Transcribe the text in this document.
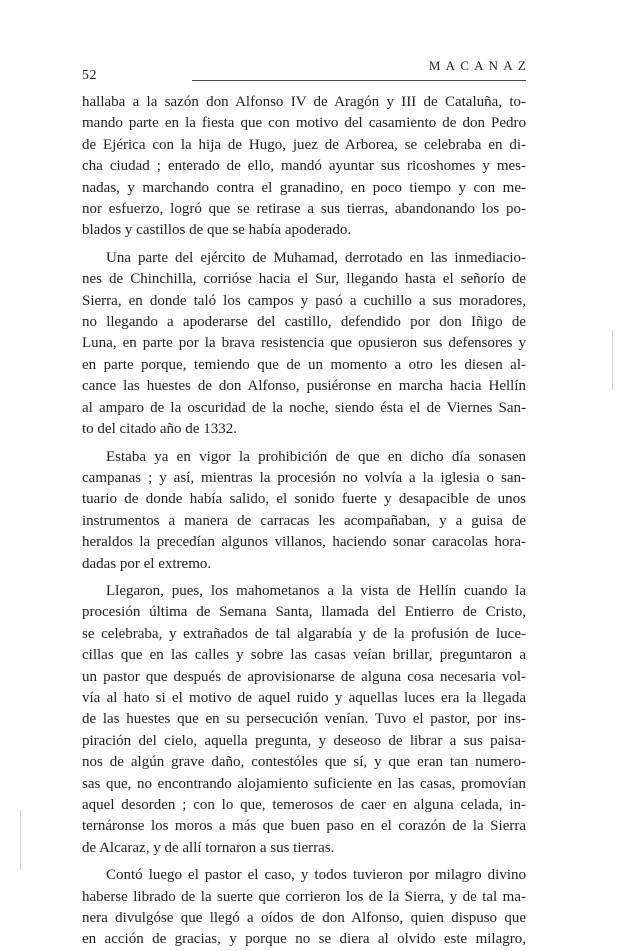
52
MACANAZ
hallaba a la sazón don Alfonso IV de Aragón y III de Cataluña, to-
mando parte en la fiesta que con motivo del casamiento de don Pedro
de Ejérica con la hija de Hugo, juez de Arborea, se celebraba en di-
cha ciudad ; enterado de ello, mandó ayuntar sus ricoshomes y mes-
nadas, y marchando contra el granadino, en poco tiempo y con me-
nor esfuerzo, logró que se retirase a sus tierras, abandonando los po-
blados y castillos de que se había apoderado.
Una parte del ejército de Muhamad, derrotado en las inmediacio-
nes de Chinchilla, corrióse hacia el Sur, llegando hasta el señorío de
Sierra, en donde taló los campos y pasó a cuchillo a sus moradores,
no llegando a apoderarse del castillo, defendido por don Iñigo de
Luna, en parte por la brava resistencia que opusieron sus defensores y
en parte porque, temiendo que de un momento a otro les diesen al-
cance las huestes de don Alfonso, pusiéronse en marcha hacia Hellín
al amparo de la oscuridad de la noche, siendo ésta el de Viernes San-
to del citado año de 1332.
Estaba ya en vigor la prohibición de que en dicho día sonasen
campanas ; y así, mientras la procesión no volvía a la iglesia o san-
tuario de donde había salido, el sonido fuerte y desapacible de unos
instrumentos a manera de carracas les acompañaban, y a guisa de
heraldos la precedían algunos villanos, haciendo sonar caracolas hora-
dadas por el extremo.
Llegaron, pues, los mahometanos a la vista de Hellín cuando la
procesión última de Semana Santa, llamada del Entierro de Cristo,
se celebraba, y extrañados de tal algarabía y de la profusión de luce-
cillas que en las calles y sobre las casas veían brillar, preguntaron a
un pastor que después de aprovisionarse de alguna cosa necesaria vol-
vía al hato si el motivo de aquel ruido y aquellas luces era la llegada
de las huestes que en su persecución venían. Tuvo el pastor, por ins-
piración del cielo, aquella pregunta, y deseoso de librar a sus paisa-
nos de algún grave daño, contestóles que sí, y que eran tan numero-
sas que, no encontrando alojamiento suficiente en las casas, promovían
aquel desorden ; con lo que, temerosos de caer en alguna celada, in-
ternáronse los moros a más que buen paso en el corazón de la Sierra
de Alcaraz, y de allí tornaron a sus tierras.
Contó luego el pastor el caso, y todos tuvieron por milagro divino
haberse librado de la suerte que corrieron los de la Sierra, y de tal ma-
nera divulgóse que llegó a oídos de don Alfonso, quien dispuso que
en acción de gracias, y porque no se diera al olvido este milagro,
